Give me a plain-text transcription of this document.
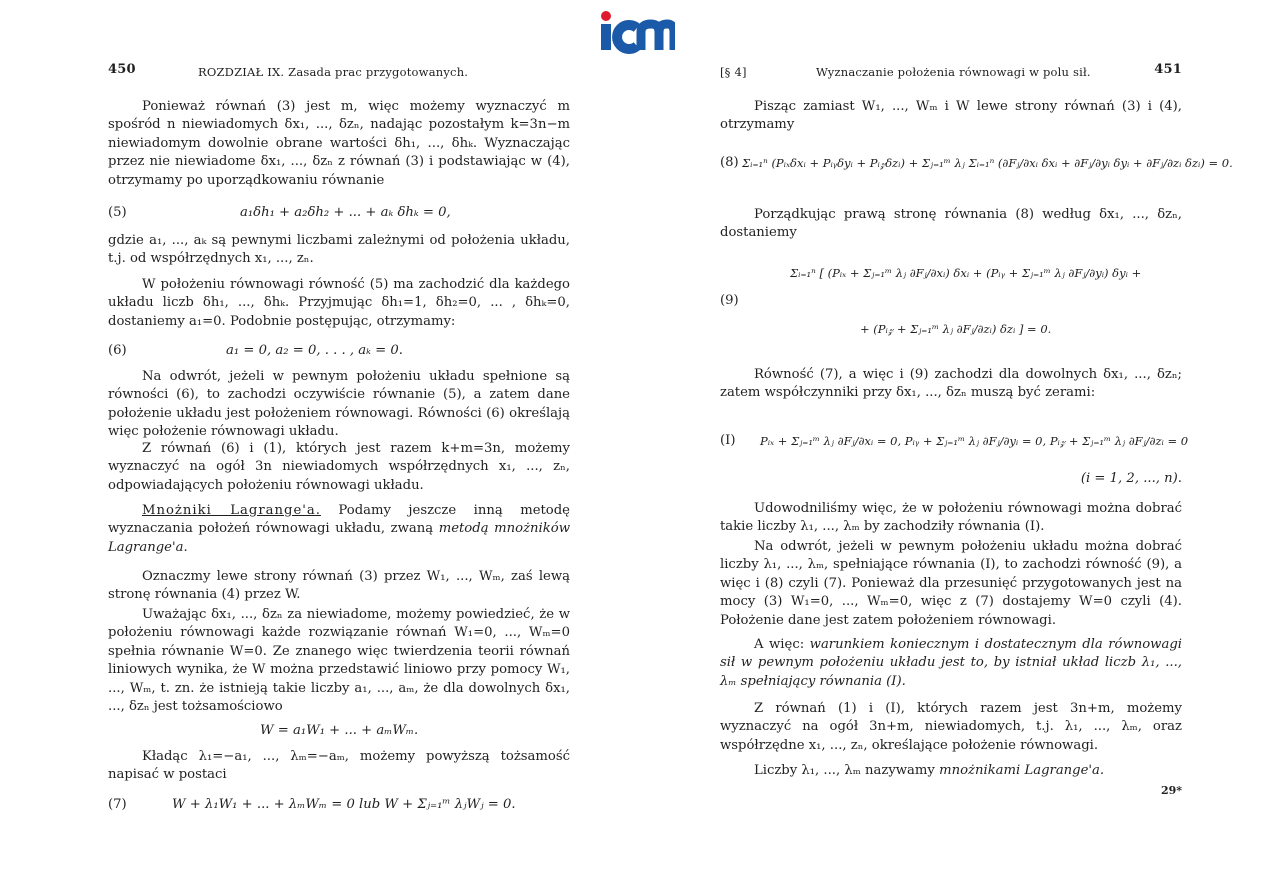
450	ROZDZIAŁ IX. Zasada prac przygotowanych.

Ponieważ równań (3) jest m, więc możemy wyznaczyć m spośród n niewiadomych δx₁, ..., δzₙ, nadając pozostałym k=3n−m niewiadomym dowolnie obrane wartości δh₁, ..., δhₖ. Wyznaczając przez nie niewiadome δx₁, ..., δzₙ z równań (3) i podstawiając w (4), otrzymamy po uporządkowaniu równanie

(5)	a₁δh₁ + a₂δh₂ + ... + aₖ δhₖ = 0,

gdzie a₁, ..., aₖ są pewnymi liczbami zależnymi od położenia układu, t.j. od współrzędnych x₁, ..., zₙ.

W położeniu równowagi równość (5) ma zachodzić dla każdego układu liczb δh₁, ..., δhₖ. Przyjmując δh₁=1, δh₂=0, ... , δhₖ=0, dostaniemy a₁=0. Podobnie postępując, otrzymamy:

(6)	a₁ = 0, a₂ = 0, . . . , aₖ = 0.

Na odwrót, jeżeli w pewnym położeniu układu spełnione są równości (6), to zachodzi oczywiście równanie (5), a zatem dane położenie układu jest położeniem równowagi. Równości (6) określają więc położenie równowagi układu.

Z równań (6) i (1), których jest razem k+m=3n, możemy wyznaczyć na ogół 3n niewiadomych współrzędnych x₁, ..., zₙ, odpowiadających położeniu równowagi układu.

Mnożniki Lagrange'a. Podamy jeszcze inną metodę wyznaczania położeń równowagi układu, zwaną metodą mnożników Lagrange'a.

Oznaczmy lewe strony równań (3) przez W₁, ..., Wₘ, zaś lewą stronę równania (4) przez W.

Uważając δx₁, ..., δzₙ za niewiadome, możemy powiedzieć, że w położeniu równowagi każde rozwiązanie równań W₁=0, ..., Wₘ=0 spełnia równanie W=0. Ze znanego więc twierdzenia teorii równań liniowych wynika, że W można przedstawić liniowo przy pomocy W₁, ..., Wₘ, t. zn. że istnieją takie liczby a₁, ..., aₘ, że dla dowolnych δx₁, ..., δzₙ jest tożsamościowo

W = a₁W₁ + ... + aₘWₘ.

Kładąc λ₁=−a₁, ..., λₘ=−aₘ, możemy powyższą tożsamość napisać w postaci

(7)	W + λ₁W₁ + ... + λₘWₘ = 0 lub W + Σⱼ₌₁ᵐ λⱼWⱼ = 0.
[§ 4]	Wyznaczanie położenia równowagi w polu sił.	451

Pisząc zamiast W₁, ..., Wₘ i W lewe strony równań (3) i (4), otrzymamy

(8) Σᵢ₌₁ⁿ (Pᵢₓδxᵢ + Pᵢᵧδyᵢ + Pᵢ𝓏δzᵢ) + Σⱼ₌₁ᵐ λⱼ Σᵢ₌₁ⁿ (∂Fⱼ/∂xᵢ δxᵢ + ∂Fⱼ/∂yᵢ δyᵢ + ∂Fⱼ/∂zᵢ δzᵢ) = 0.

Porządkując prawą stronę równania (8) według δx₁, ..., δzₙ, dostaniemy

(9)
Σᵢ₌₁ⁿ [ (Pᵢₓ + Σⱼ₌₁ᵐ λⱼ ∂Fⱼ/∂xᵢ) δxᵢ + (Pᵢᵧ + Σⱼ₌₁ᵐ λⱼ ∂Fⱼ/∂yᵢ) δyᵢ +
+ (Pᵢ𝓏 + Σⱼ₌₁ᵐ λⱼ ∂Fⱼ/∂zᵢ) δzᵢ ] = 0.

Równość (7), a więc i (9) zachodzi dla dowolnych δx₁, ..., δzₙ; zatem współczynniki przy δx₁, ..., δzₙ muszą być zerami:

(I) Pᵢₓ + Σⱼ₌₁ᵐ λⱼ ∂Fⱼ/∂xᵢ = 0, Pᵢᵧ + Σⱼ₌₁ᵐ λⱼ ∂Fⱼ/∂yᵢ = 0, Pᵢ𝓏 + Σⱼ₌₁ᵐ λⱼ ∂Fⱼ/∂zᵢ = 0
(i = 1, 2, ..., n).

Udowodniliśmy więc, że w położeniu równowagi można dobrać takie liczby λ₁, ..., λₘ by zachodziły równania (I).

Na odwrót, jeżeli w pewnym położeniu układu można dobrać liczby λ₁, ..., λₘ, spełniające równania (I), to zachodzi równość (9), a więc i (8) czyli (7). Ponieważ dla przesunięć przygotowanych jest na mocy (3) W₁=0, ..., Wₘ=0, więc z (7) dostajemy W=0 czyli (4). Położenie dane jest zatem położeniem równowagi.

A więc: warunkiem koniecznym i dostatecznym dla równowagi sił w pewnym położeniu układu jest to, by istniał układ liczb λ₁, ..., λₘ spełniający równania (I).

Z równań (1) i (I), których razem jest 3n+m, możemy wyznaczyć na ogół 3n+m, niewiadomych, t.j. λ₁, ..., λₘ, oraz współrzędne x₁, ..., zₙ, określające położenie równowagi.

Liczby λ₁, ..., λₘ nazywamy mnożnikami Lagrange'a.

29*
